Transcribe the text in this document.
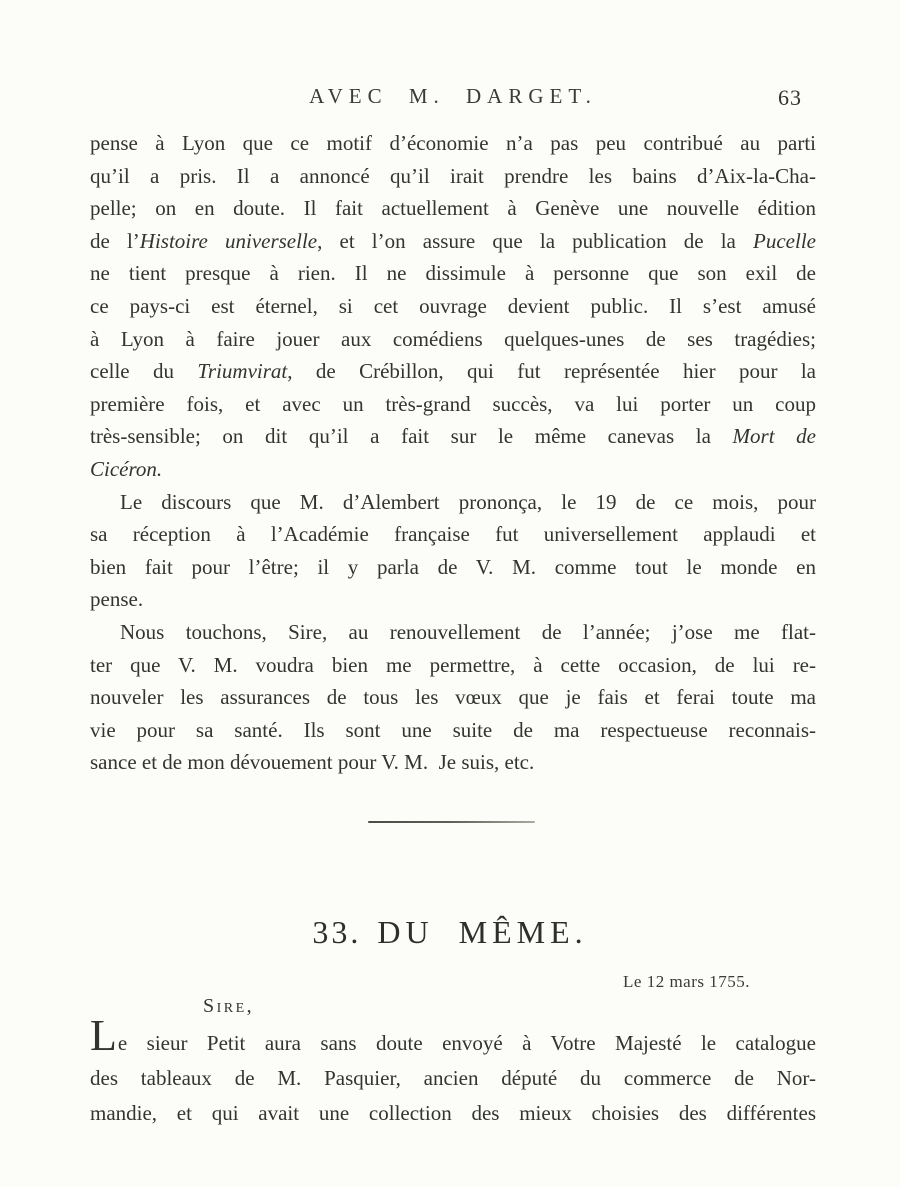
AVEC M. DARGET.	63
pense à Lyon que ce motif d’économie n’a pas peu contribué au parti
qu’il a pris. Il a annoncé qu’il irait prendre les bains d’Aix-la-Cha-
pelle; on en doute. Il fait actuellement à Genève une nouvelle édition
de l’Histoire universelle, et l’on assure que la publication de la Pucelle
ne tient presque à rien. Il ne dissimule à personne que son exil de
ce pays-ci est éternel, si cet ouvrage devient public. Il s’est amusé
à Lyon à faire jouer aux comédiens quelques-unes de ses tragédies;
celle du Triumvirat, de Crébillon, qui fut représentée hier pour la
première fois, et avec un très-grand succès, va lui porter un coup
très-sensible; on dit qu’il a fait sur le même canevas la Mort de
Cicéron.
Le discours que M. d’Alembert prononça, le 19 de ce mois, pour
sa réception à l’Académie française fut universellement applaudi et
bien fait pour l’être; il y parla de V. M. comme tout le monde en
pense.
Nous touchons, Sire, au renouvellement de l’année; j’ose me flat-
ter que V. M. voudra bien me permettre, à cette occasion, de lui re-
nouveler les assurances de tous les vœux que je fais et ferai toute ma
vie pour sa santé. Ils sont une suite de ma respectueuse reconnais-
sance et de mon dévouement pour V. M. Je suis, etc.
33. DU MÊME.
Le 12 mars 1755.
Sire,
Le sieur Petit aura sans doute envoyé à Votre Majesté le catalogue
des tableaux de M. Pasquier, ancien député du commerce de Nor-
mandie, et qui avait une collection des mieux choisies des différentes
